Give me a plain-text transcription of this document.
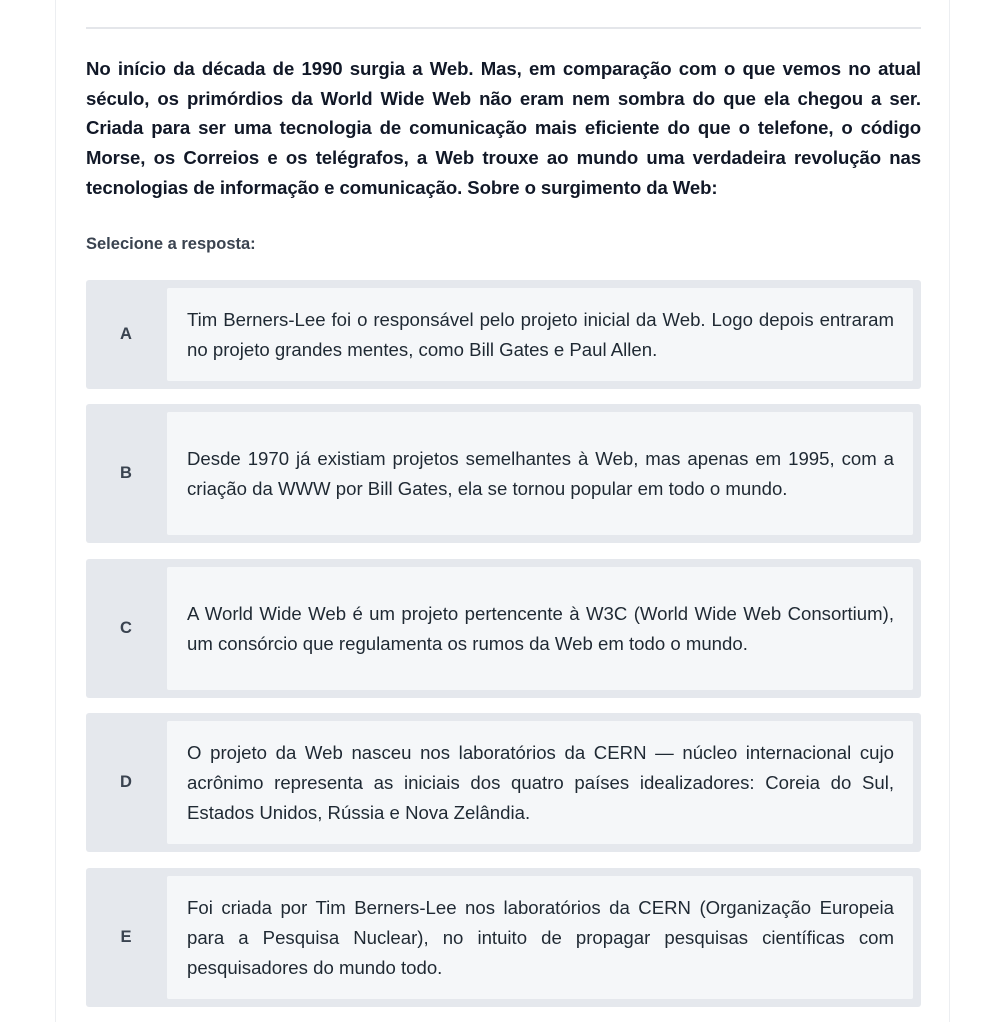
No início da década de 1990 surgia a Web. Mas, em comparação com o que vemos no atual século, os primórdios da World Wide Web não eram nem sombra do que ela chegou a ser. Criada para ser uma tecnologia de comunicação mais eficiente do que o telefone, o código Morse, os Correios e os telégrafos, a Web trouxe ao mundo uma verdadeira revolução nas tecnologias de informação e comunicação. Sobre o surgimento da Web:

Selecione a resposta:
A

Tim Berners-Lee foi o responsável pelo projeto inicial da Web. Logo depois entraram no projeto grandes mentes, como Bill Gates e Paul Allen.

B

Desde 1970 já existiam projetos semelhantes à Web, mas apenas em 1995, com a criação da WWW por Bill Gates, ela se tornou popular em todo o mundo.

C

A World Wide Web é um projeto pertencente à W3C (World Wide Web Consortium), um consórcio que regulamenta os rumos da Web em todo o mundo.

D

O projeto da Web nasceu nos laboratórios da CERN — núcleo internacional cujo acrônimo representa as iniciais dos quatro países idealizadores: Coreia do Sul, Estados Unidos, Rússia e Nova Zelândia.

E

Foi criada por Tim Berners-Lee nos laboratórios da CERN (Organização Europeia para a Pesquisa Nuclear), no intuito de propagar pesquisas científicas com pesquisadores do mundo todo.
